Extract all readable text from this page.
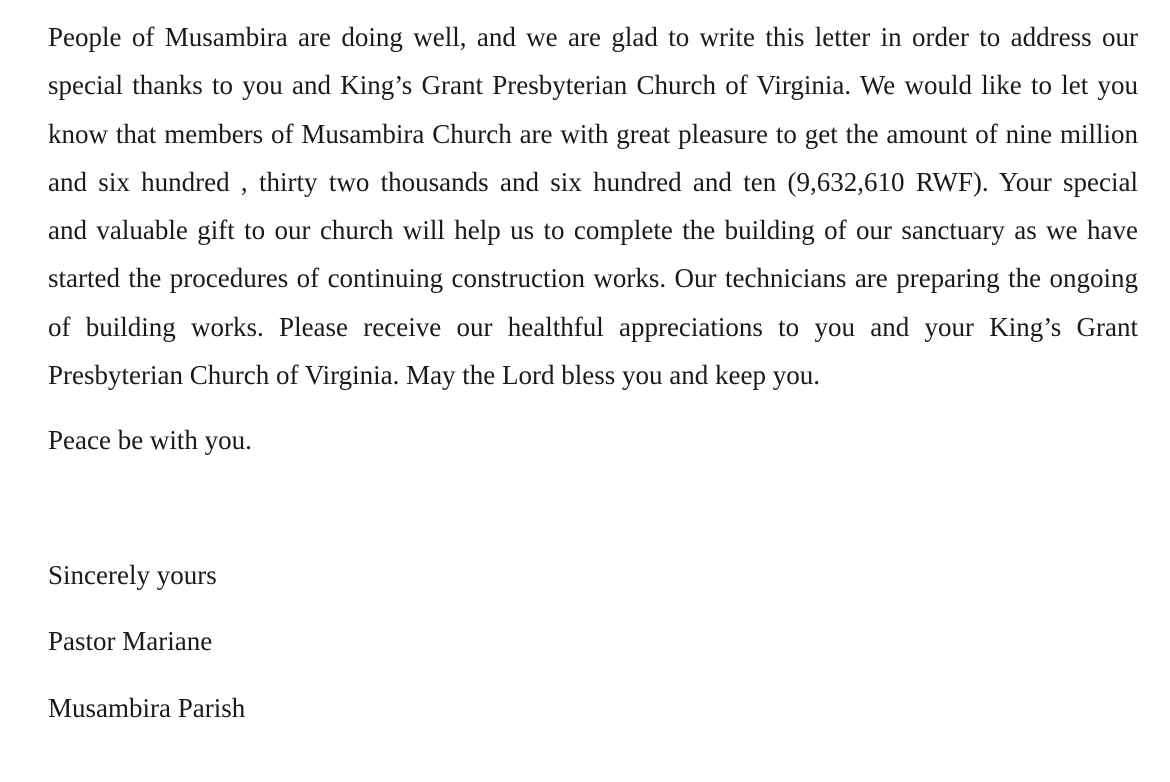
People of Musambira are doing well, and we are glad to write this letter in order to address our
special thanks to you and King’s Grant Presbyterian Church of Virginia. We would like to let you
know that members of Musambira Church are with great pleasure to get the amount of nine million
and six hundred , thirty two thousands and six hundred and ten (9,632,610 RWF). Your special
and valuable gift to our church will help us to complete the building of our sanctuary as we have
started the procedures of continuing construction works. Our technicians are preparing the ongoing
of building works. Please receive our healthful appreciations to you and your King’s Grant
Presbyterian Church of Virginia. May the Lord bless you and keep you.

Peace be with you.

Sincerely yours

Pastor Mariane

Musambira Parish
